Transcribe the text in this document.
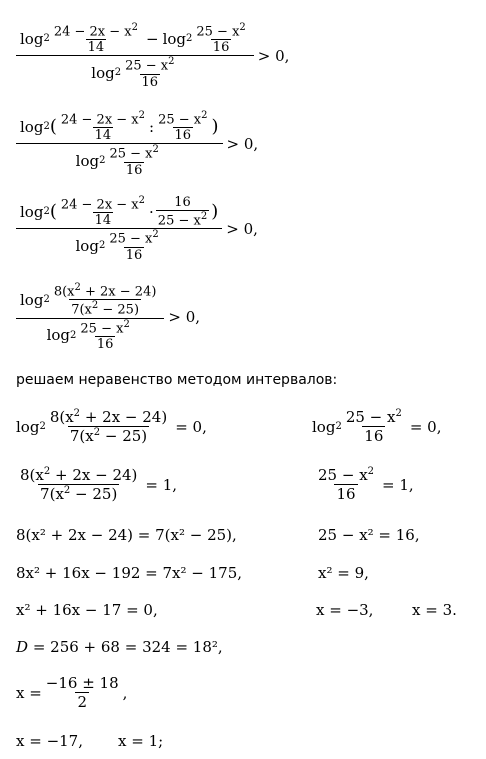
$\log 2 \frac{24 - 2x - x^2}{14} - \log 2 \frac{25 - x^2}{16}$
$\log 2 \frac{25 - x^2}{16}$
> 0,
log 2 ( $\frac{24 - 2x - x^2}{14}$ : $\frac{25 - x^2}{16}$ )
$\log 2 \frac{25 - x^2}{16}$
> 0,
log 2 ( $\frac{24 - 2x - x^2}{14} \cdot \frac{16}{25 - x^2}$ )
$\log 2 \frac{25 - x^2}{16}$
> 0,
$\frac{\log 2 \frac{8(x^2 + 2x - 24)}{7(x^2 - 25)}}{\log 2 \frac{25 - x^2}{16}} > 0$,
решаем неравенство методом интервалов:
$\log 2 \frac{8(x^2 + 2x - 24)}{7(x^2 - 25)} = 0$,	$\log 2 \frac{25 - x^2}{16} = 0$,
$\frac{8(x^2 + 2x - 24)}{7(x^2 - 25)} = 1$,	$\frac{25 - x^2}{16} = 1$,
8(x² + 2x − 24) = 7(x² − 25),	25 − x² = 16,
8x² + 16x − 192 = 7x² − 175,	x² = 9,
x² + 16x − 17 = 0,	x = −3,	x = 3.
D = 256 + 68 = 324 = 18²,
$x = \frac{-16 \pm 18}{2}$ ,
x = −17, x = 1;
